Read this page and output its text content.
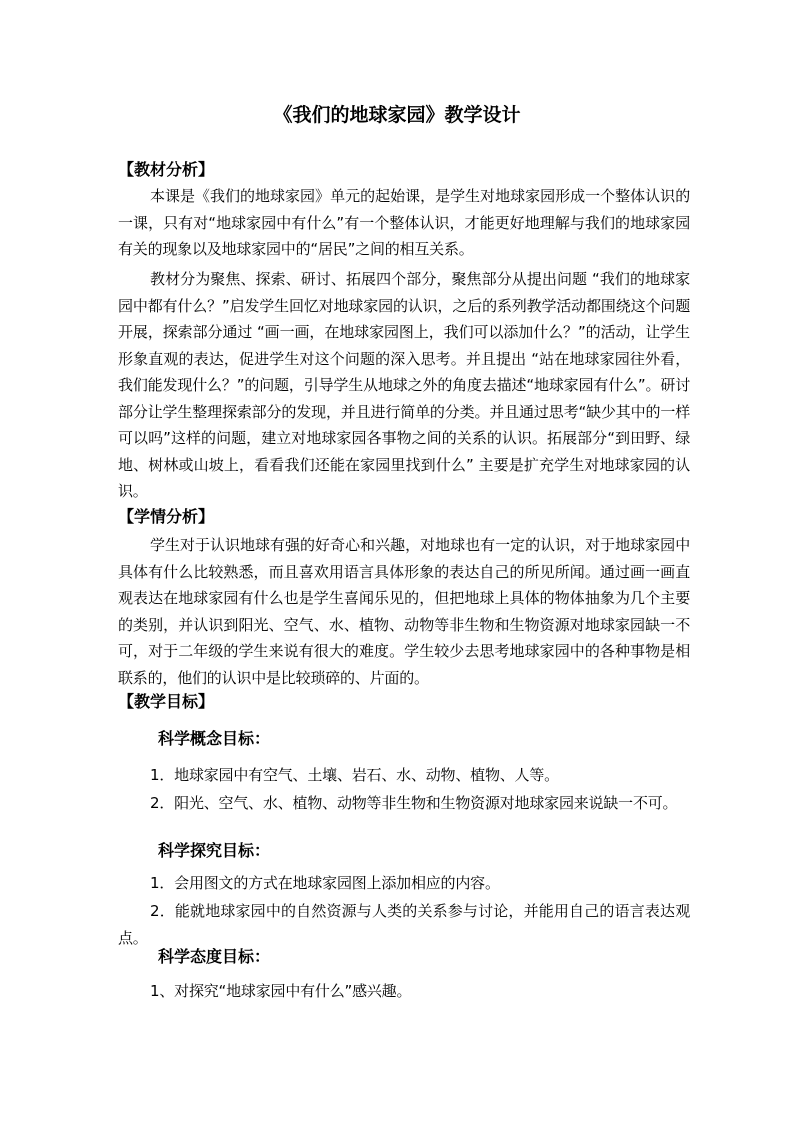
《我们的地球家园》教学设计
【教材分析】
本课是《我们的地球家园》单元的起始课，是学生对地球家园形成一个整体认识的一课，只有对“地球家园中有什么”有一个整体认识，才能更好地理解与我们的地球家园有关的现象以及地球家园中的“居民”之间的相互关系。
教材分为聚焦、探索、研讨、拓展四个部分，聚焦部分从提出问题 “我们的地球家园中都有什么？”启发学生回忆对地球家园的认识，之后的系列教学活动都围绕这个问题开展，探索部分通过 “画一画，在地球家园图上，我们可以添加什么？”的活动，让学生形象直观的表达，促进学生对这个问题的深入思考。并且提出 “站在地球家园往外看，我们能发现什么？”的问题，引导学生从地球之外的角度去描述“地球家园有什么”。研讨部分让学生整理探索部分的发现，并且进行简单的分类。并且通过思考“缺少其中的一样可以吗”这样的问题，建立对地球家园各事物之间的关系的认识。拓展部分“到田野、绿地、树林或山坡上，看看我们还能在家园里找到什么” 主要是扩充学生对地球家园的认识。
【学情分析】
学生对于认识地球有强的好奇心和兴趣，对地球也有一定的认识，对于地球家园中具体有什么比较熟悉，而且喜欢用语言具体形象的表达自己的所见所闻。通过画一画直观表达在地球家园有什么也是学生喜闻乐见的，但把地球上具体的物体抽象为几个主要的类别，并认识到阳光、空气、水、植物、动物等非生物和生物资源对地球家园缺一不可，对于二年级的学生来说有很大的难度。学生较少去思考地球家园中的各种事物是相联系的，他们的认识中是比较琐碎的、片面的。
【教学目标】
科学概念目标：
1．地球家园中有空气、土壤、岩石、水、动物、植物、人等。
2．阳光、空气、水、植物、动物等非生物和生物资源对地球家园来说缺一不可。
科学探究目标：
1．会用图文的方式在地球家园图上添加相应的内容。
2．能就地球家园中的自然资源与人类的关系参与讨论，并能用自己的语言表达观点。
科学态度目标：
1、对探究“地球家园中有什么”感兴趣。
